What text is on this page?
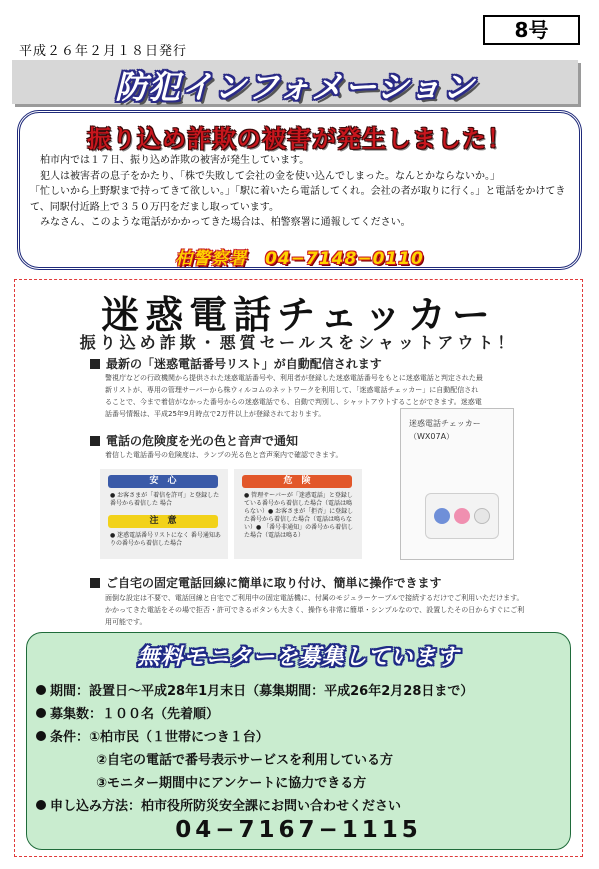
平成２６年２月１８日発行
8号
防犯インフォメーション
振り込め詐欺の被害が発生しました！
柏市内では１７日、振り込め詐欺の被害が発生しています。
犯人は被害者の息子をかたり、「株で失敗して会社の金を使い込んでしまった。なんとかならないか。」
「忙しいから上野駅まで持ってきて欲しい。」「駅に着いたら電話してくれ。会社の者が取りに行く。」と電話をかけてきて、同駅付近路上で３５０万円をだまし取っています。
みなさん、このような電話がかかってきた場合は、柏警察署に通報してください。
柏警察署　04−7148−0110
迷惑電話チェッカー
振り込め詐欺・悪質セールスをシャットアウト！
最新の「迷惑電話番号リスト」が自動配信されます
警視庁などの行政機関から提供された迷惑電話番号や、利用者が登録した迷惑電話番号をもとに迷惑電話と判定された最新リストが、専用の管理サーバーから株ウィルコムのネットワークを利用して、「迷惑電話チェッカー」に自動配信されることで、今まで着信がなかった番号からの迷惑電話でも、自動で判別し、シャットアウトすることができます。迷惑電話番号情報は、平成25年9月時点で2万件以上が登録されております。
電話の危険度を光の色と音声で通知
着信した電話番号の危険度は、ランプの光る色と音声案内で確認できます。
安　心
● お客さまが「着信を許可」と登録した番号から着信した 場合
注　意
● 迷惑電話番号リストになく 番号通知ありの番号から着信した場合
危　険
● 管理サーバーが「迷惑電話」と登録している番号から着信した場合（電話は鳴らない）● お客さまが「拒否」に登録した番号から着信した場合（電話は鳴らない）● 「番号非通知」の番号から着信した場合（電話は鳴る）
迷惑電話チェッカー
（WX07A）
ご自宅の固定電話回線に簡単に取り付け、簡単に操作できます
面倒な設定は不要で、電話回線と自宅でご利用中の固定電話機に、付属のモジュラーケーブルで接続するだけでご利用いただけます。かかってきた電話をその場で拒否・許可できるボタンも大きく、操作も非常に簡単・シンプルなので、設置したその日からすぐにご利用可能です。
無料モニターを募集しています
期間：設置日〜平成28年1月末日（募集期間：平成26年2月28日まで）
募集数：１００名（先着順）
条件：①柏市民（１世帯につき１台）
②自宅の電話で番号表示サービスを利用している方
③モニター期間中にアンケートに協力できる方
申し込み方法：柏市役所防災安全課にお問い合わせください
04−7167−1115
